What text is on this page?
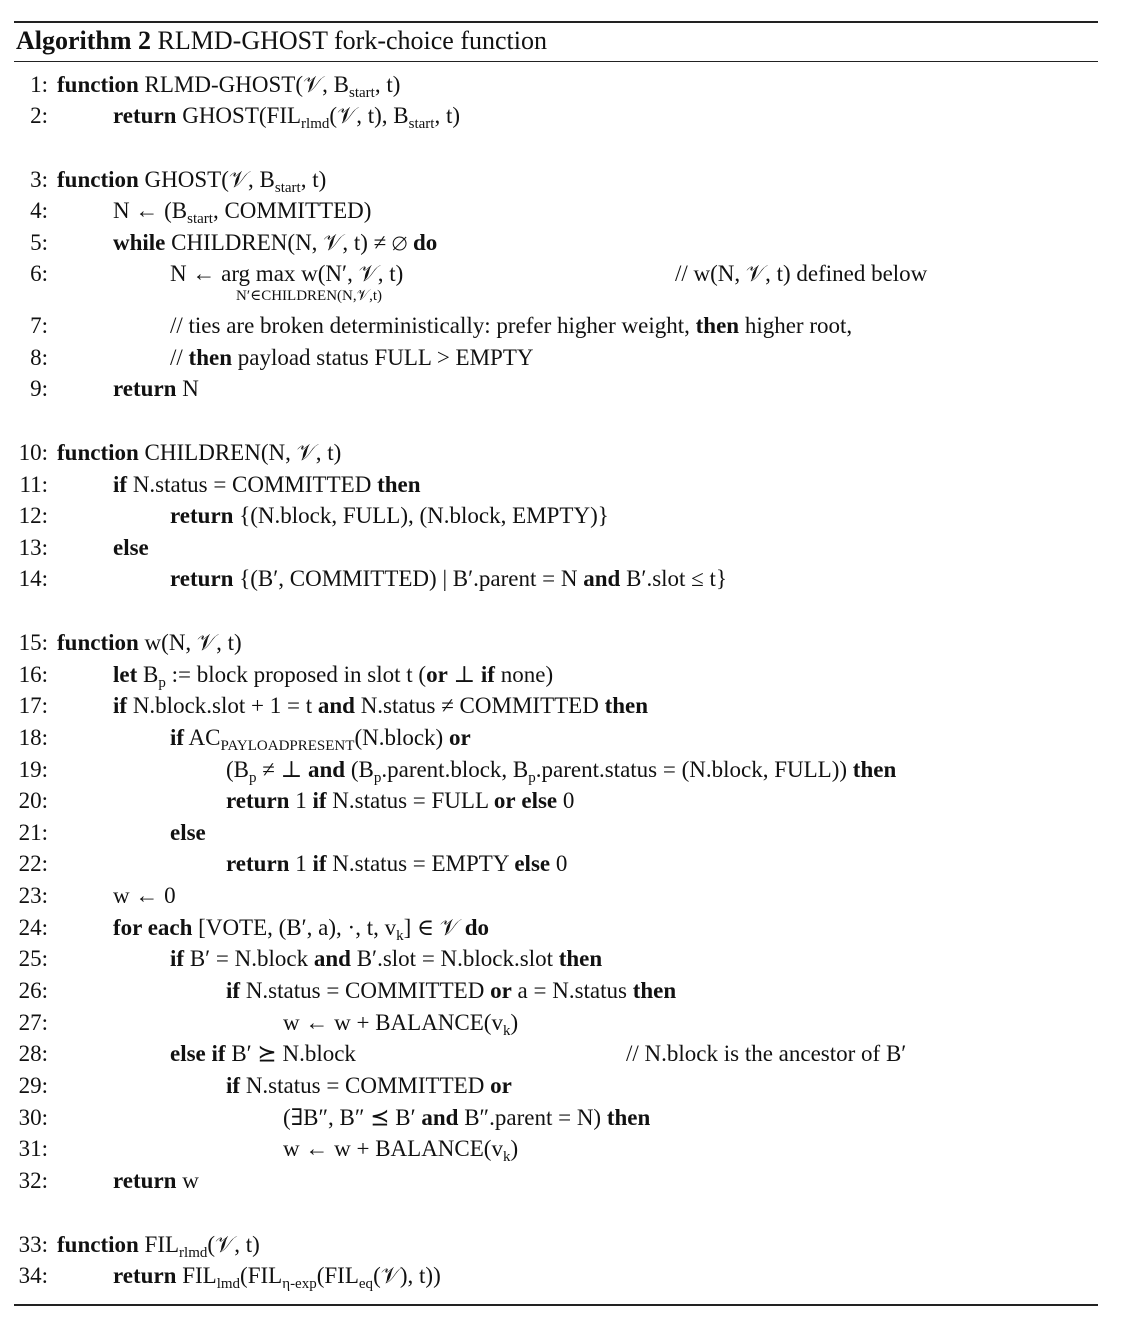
Algorithm 2 RLMD-GHOST fork-choice function
1: function RLMD-GHOST(𝒱, $B_{start}$, t)
2:	return $GHOST(FIL_{rlmd}(𝒱$, t), $B_{start}$, t)
3: function GHOST(𝒱, $B_{start}$, t)
4:	N ← ($B_{start}$, COMMITTED)
5:	while CHILDREN(N, 𝒱, t) ≠ ∅ do
6:	N ← arg max w(N′, 𝒱, t)
N′∈CHILDREN(N,𝒱,t)
// w(N, 𝒱, t) defined below
7:	// ties are broken deterministically: prefer higher weight, then higher root,
8:	// then payload status FULL > EMPTY
9:	return N
10: function CHILDREN(N, 𝒱, t)
11:	if N.status = COMMITTED then
12:	return {(N.block, FULL), (N.block, EMPTY)}
13:	else
14:	return {(B′, COMMITTED) | B′.parent = N and B′.slot ≤ t}
15: function w(N, 𝒱, t)
16:	let $B_p$ := block proposed in slot t (or ⊥ if none)
17:	if N.block.slot + 1 = t and N.status ≠ COMMITTED then
18:	if $AC_{PAYLOADPRESENT}(N.block)$ or
19:	($B_p$ ≠ ⊥ and ($B_p.parent.block$, $B_p.parent.status$ = (N.block, FULL)) then
20:	return 1 if N.status = FULL or else 0
21:	else
22:	return 1 if N.status = EMPTY else 0
23:	w ← 0
24:	for each [VOTE, (B′, a), ·, t, $v_k$] ∈ 𝒱 do
25:	if B′ = N.block and B′.slot = N.block.slot then
26:	if N.status = COMMITTED or a = N.status then
27:	w ← $w + BALANCE(v_k)$
28:	else if B′ ⪰ N.block	// N.block is the ancestor of B′
29:	if N.status = COMMITTED or
30:	(∃B″, B″ ⪯ B′ and B″.parent = N) then
31:	w ← $w + BALANCE(v_k)$
32:	return w
33: function $FIL_{rlmd}(𝒱$, t)
34:	return $FIL_{lmd}(FIL_{\eta-exp}(FIL_{eq}(𝒱)$, t))
